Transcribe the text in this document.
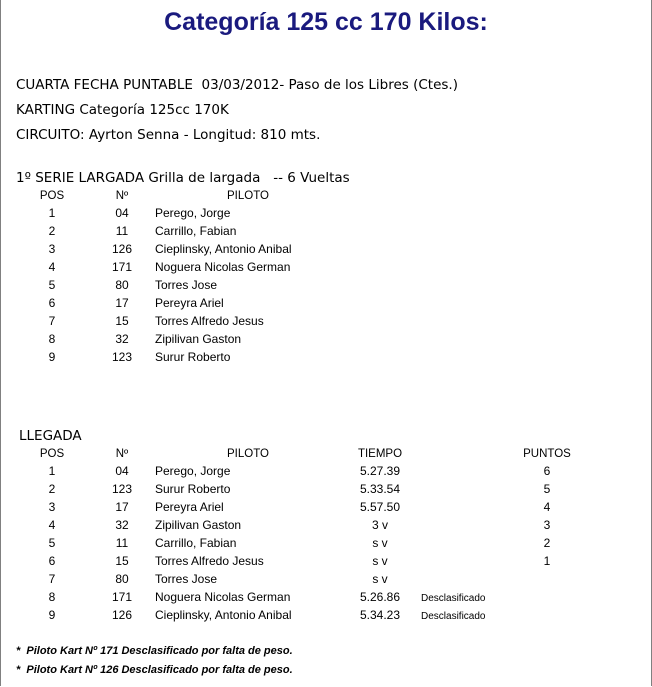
Categoría 125 cc 170 Kilos:
CUARTA FECHA PUNTABLE  03/03/2012- Paso de los Libres (Ctes.)
KARTING Categoría 125cc 170K
CIRCUITO: Ayrton Senna - Longitud: 810 mts.
1º SERIE LARGADA Grilla de largada   -- 6 Vueltas
POS	Nº	PILOTO
1	04	Perego, Jorge
2	11	Carrillo, Fabian
3	126	Cieplinsky, Antonio Anibal
4	171	Noguera Nicolas German
5	80	Torres Jose
6	17	Pereyra Ariel
7	15	Torres Alfredo Jesus
8	32	Zipilivan Gaston
9	123	Surur Roberto
LLEGADA
POS	Nº	PILOTO	TIEMPO	PUNTOS
1	04	Perego, Jorge	5.27.39	6
2	123	Surur Roberto	5.33.54	5
3	17	Pereyra Ariel	5.57.50	4
4	32	Zipilivan Gaston	3 v	3
5	11	Carrillo, Fabian	s v	2
6	15	Torres Alfredo Jesus	s v	1
7	80	Torres Jose	s v
8	171	Noguera Nicolas German	5.26.86	Desclasificado
9	126	Cieplinsky, Antonio Anibal	5.34.23	Desclasificado
*  Piloto Kart Nº 171 Desclasificado por falta de peso.
*  Piloto Kart Nº 126 Desclasificado por falta de peso.
